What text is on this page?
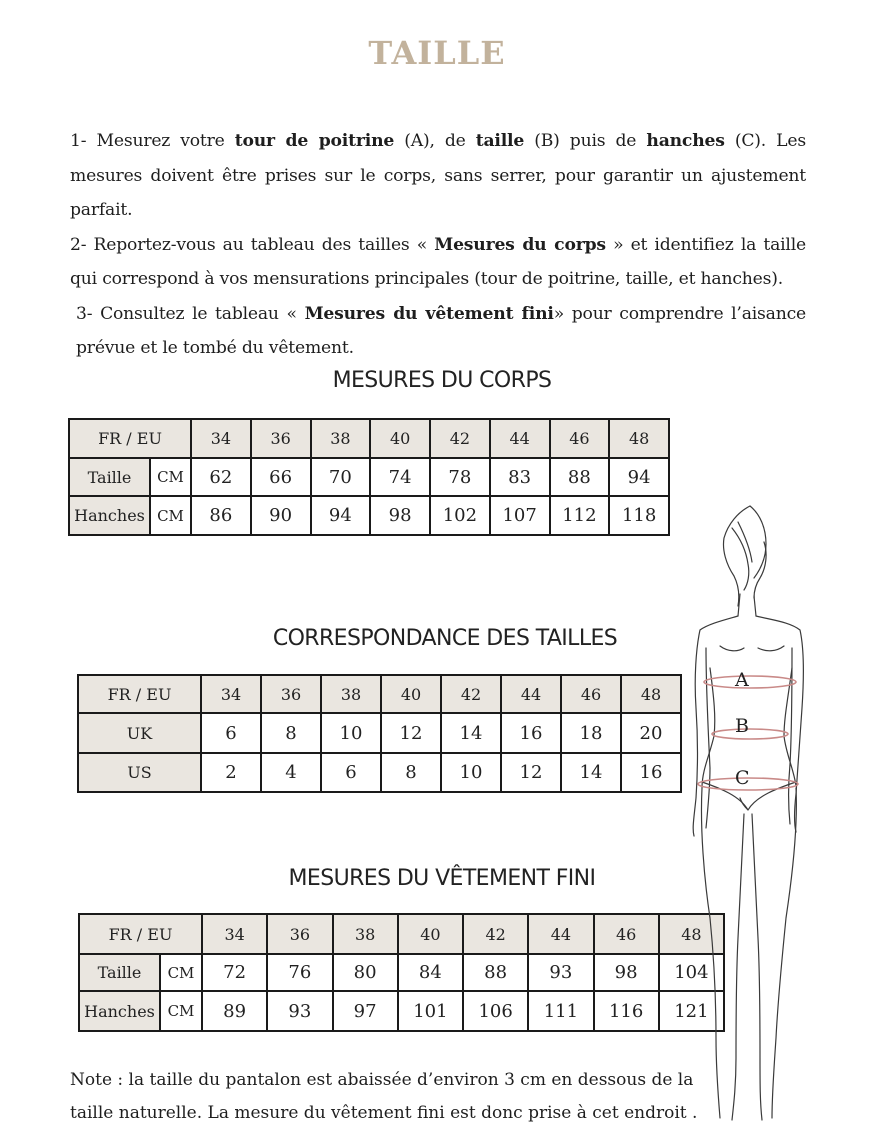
TAILLE

1- Mesurez votre tour de poitrine (A), de taille (B) puis de hanches (C). Les mesures doivent être prises sur le corps, sans serrer, pour garantir un ajustement parfait.

2- Reportez-vous au tableau des tailles « Mesures du corps » et identifiez la taille qui correspond à vos mensurations principales (tour de poitrine, taille, et hanches).

3- Consultez le tableau « Mesures du vêtement fini» pour comprendre l’aisance prévue et le tombé du vêtement.

MESURES DU CORPS
FR / EU		34	36	38	40	42	44	46	48
Taille	CM	62	66	70	74	78	83	88	94
Hanches	CM	86	90	94	98	102	107	112	118
CORRESPONDANCE DES TAILLES
FR / EU	34	36	38	40	42	44	46	48
UK	6	8	10	12	14	16	18	20
US	2	4	6	8	10	12	14	16
MESURES DU VÊTEMENT FINI
FR / EU		34	36	38	40	42	44	46	48
Taille	CM	72	76	80	84	88	93	98	104
Hanches	CM	89	93	97	101	106	111	116	121
A
B
C

Note : la taille du pantalon est abaissée d’environ 3 cm en dessous de la

taille naturelle. La mesure du vêtement fini est donc prise à cet endroit .
